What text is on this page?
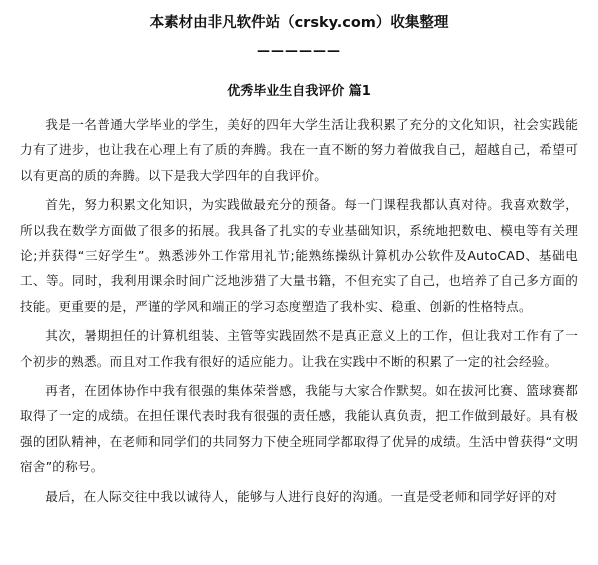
本素材由非凡软件站（crsky.com）收集整理
——————
优秀毕业生自我评价 篇1

我是一名普通大学毕业的学生，美好的四年大学生活让我积累了充分的文化知识，社会实践能力有了进步，也让我在心理上有了质的奔腾。我在一直不断的努力着做我自己，超越自己，希望可以有更高的质的奔腾。以下是我大学四年的自我评价。

首先，努力积累文化知识，为实践做最充分的预备。每一门课程我都认真对待。我喜欢数学，所以我在数学方面做了很多的拓展。我具备了扎实的专业基础知识，系统地把数电、模电等有关理论;并获得“三好学生”。熟悉涉外工作常用礼节;能熟练操纵计算机办公软件及AutoCAD、基础电工、等。同时，我利用课余时间广泛地涉猎了大量书籍，不但充实了自己，也培养了自己多方面的技能。更重要的是，严谨的学风和端正的学习态度塑造了我朴实、稳重、创新的性格特点。

其次，暑期担任的计算机组装、主管等实践固然不是真正意义上的工作，但让我对工作有了一个初步的熟悉。而且对工作我有很好的适应能力。让我在实践中不断的积累了一定的社会经验。

再者，在团体协作中我有很强的集体荣誉感，我能与大家合作默契。如在拔河比赛、篮球赛都取得了一定的成绩。在担任课代表时我有很强的责任感，我能认真负责，把工作做到最好。具有极强的团队精神，在老师和同学们的共同努力下使全班同学都取得了优异的成绩。生活中曾获得“文明宿舍”的称号。

最后，在人际交往中我以诚待人，能够与人进行良好的沟通。一直是受老师和同学好评的对
